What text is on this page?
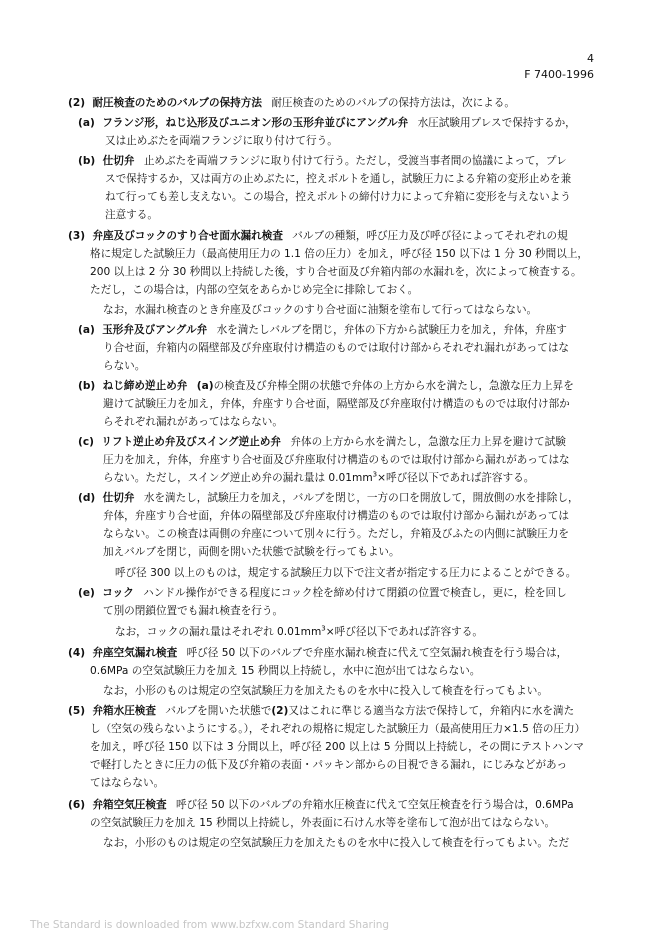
4
F 7400-1996
(2) 耐圧検査のためのバルブの保持方法 耐圧検査のためのバルブの保持方法は，次による。
(a) フランジ形，ねじ込形及びユニオン形の玉形弁並びにアングル弁 水圧試験用プレスで保持するか，
又は止めぶたを両端フランジに取り付けて行う。
(b) 仕切弁 止めぶたを両端フランジに取り付けて行う。ただし，受渡当事者間の協議によって，プレ
スで保持するか，又は両方の止めぶたに，控えボルトを通し，試験圧力による弁箱の変形止めを兼
ねて行っても差し支えない。この場合，控えボルトの締付け力によって弁箱に変形を与えないよう
注意する。
(3) 弁座及びコックのすり合せ面水漏れ検査 バルブの種類，呼び圧力及び呼び径によってそれぞれの規
格に規定した試験圧力（最高使用圧力の 1.1 倍の圧力）を加え，呼び径 150 以下は 1 分 30 秒間以上，
200 以上は 2 分 30 秒間以上持続した後，すり合せ面及び弁箱内部の水漏れを，次によって検査する。
ただし，この場合は，内部の空気をあらかじめ完全に排除しておく。
なお，水漏れ検査のとき弁座及びコックのすり合せ面に油類を塗布して行ってはならない。
(a) 玉形弁及びアングル弁 水を満たしバルブを閉じ，弁体の下方から試験圧力を加え，弁体，弁座す
り合せ面，弁箱内の隔壁部及び弁座取付け構造のものでは取付け部からそれぞれ漏れがあってはな
らない。
(b) ねじ締め逆止め弁 (a)の検査及び弁棒全開の状態で弁体の上方から水を満たし，急激な圧力上昇を
避けて試験圧力を加え，弁体，弁座すり合せ面，隔壁部及び弁座取付け構造のものでは取付け部か
らそれぞれ漏れがあってはならない。
(c) リフト逆止め弁及びスイング逆止め弁 弁体の上方から水を満たし，急激な圧力上昇を避けて試験
圧力を加え，弁体，弁座すり合せ面及び弁座取付け構造のものでは取付け部から漏れがあってはな
らない。ただし，スイング逆止め弁の漏れ量は $0.01mm^3\times$呼び径以下であれば許容する。
(d) 仕切弁 水を満たし，試験圧力を加え，バルブを閉じ，一方の口を開放して，開放側の水を排除し，
弁体，弁座すり合せ面，弁体の隔壁部及び弁座取付け構造のものでは取付け部から漏れがあっては
ならない。この検査は両側の弁座について別々に行う。ただし，弁箱及びふたの内側に試験圧力を
加えバルブを閉じ，両側を開いた状態で試験を行ってもよい。
呼び径 300 以上のものは，規定する試験圧力以下で注文者が指定する圧力によることができる。
(e) コック ハンドル操作ができる程度にコック栓を締め付けて閉鎖の位置で検査し，更に，栓を回し
て別の閉鎖位置でも漏れ検査を行う。
なお，コックの漏れ量はそれぞれ $0.01mm^3\times$呼び径以下であれば許容する。
(4) 弁座空気漏れ検査 呼び径 50 以下のバルブで弁座水漏れ検査に代えて空気漏れ検査を行う場合は，
0.6MPa の空気試験圧力を加え 15 秒間以上持続し，水中に泡が出てはならない。
なお，小形のものは規定の空気試験圧力を加えたものを水中に投入して検査を行ってもよい。
(5) 弁箱水圧検査 バルブを開いた状態で(2)又はこれに準じる適当な方法で保持して，弁箱内に水を満た
し（空気の残らないようにする。），それぞれの規格に規定した試験圧力（最高使用圧力×1.5 倍の圧力）
を加え，呼び径 150 以下は 3 分間以上，呼び径 200 以上は 5 分間以上持続し，その間にテストハンマ
で軽打したときに圧力の低下及び弁箱の表面・パッキン部からの目視できる漏れ，にじみなどがあっ
てはならない。
(6) 弁箱空気圧検査 呼び径 50 以下のバルブの弁箱水圧検査に代えて空気圧検査を行う場合は，0.6MPa
の空気試験圧力を加え 15 秒間以上持続し，外表面に石けん水等を塗布して泡が出てはならない。
なお，小形のものは規定の空気試験圧力を加えたものを水中に投入して検査を行ってもよい。ただ
The Standard is downloaded from www.bzfxw.com Standard Sharing
